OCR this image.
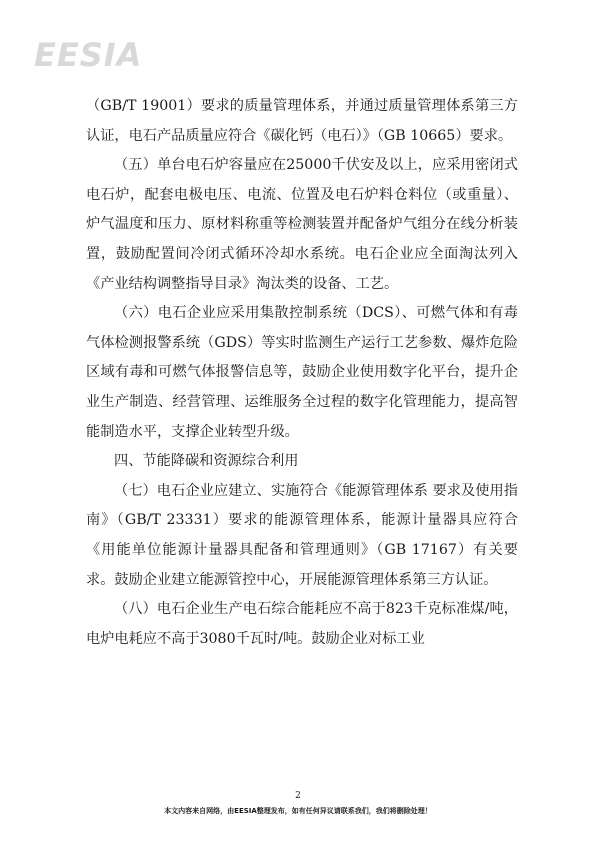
EESIA

（GB/T 19001）要求的质量管理体系，并通过质量管理体系第三方认证，电石产品质量应符合《碳化钙（电石）》（GB 10665）要求。

（五）单台电石炉容量应在25000千伏安及以上，应采用密闭式电石炉，配套电极电压、电流、位置及电石炉料仓料位（或重量）、炉气温度和压力、原材料称重等检测装置并配备炉气组分在线分析装置，鼓励配置间冷闭式循环冷却水系统。电石企业应全面淘汰列入《产业结构调整指导目录》淘汰类的设备、工艺。

（六）电石企业应采用集散控制系统（DCS）、可燃气体和有毒气体检测报警系统（GDS）等实时监测生产运行工艺参数、爆炸危险区域有毒和可燃气体报警信息等，鼓励企业使用数字化平台，提升企业生产制造、经营管理、运维服务全过程的数字化管理能力，提高智能制造水平，支撑企业转型升级。

四、节能降碳和资源综合利用

（七）电石企业应建立、实施符合《能源管理体系 要求及使用指南》（GB/T 23331）要求的能源管理体系，能源计量器具应符合《用能单位能源计量器具配备和管理通则》（GB 17167）有关要求。鼓励企业建立能源管控中心，开展能源管理体系第三方认证。

（八）电石企业生产电石综合能耗应不高于823千克标准煤/吨，电炉电耗应不高于3080千瓦时/吨。鼓励企业对标工业

2
本文内容来自网络，由EESIA整理发布，如有任何异议请联系我们，我们将删除处理！
